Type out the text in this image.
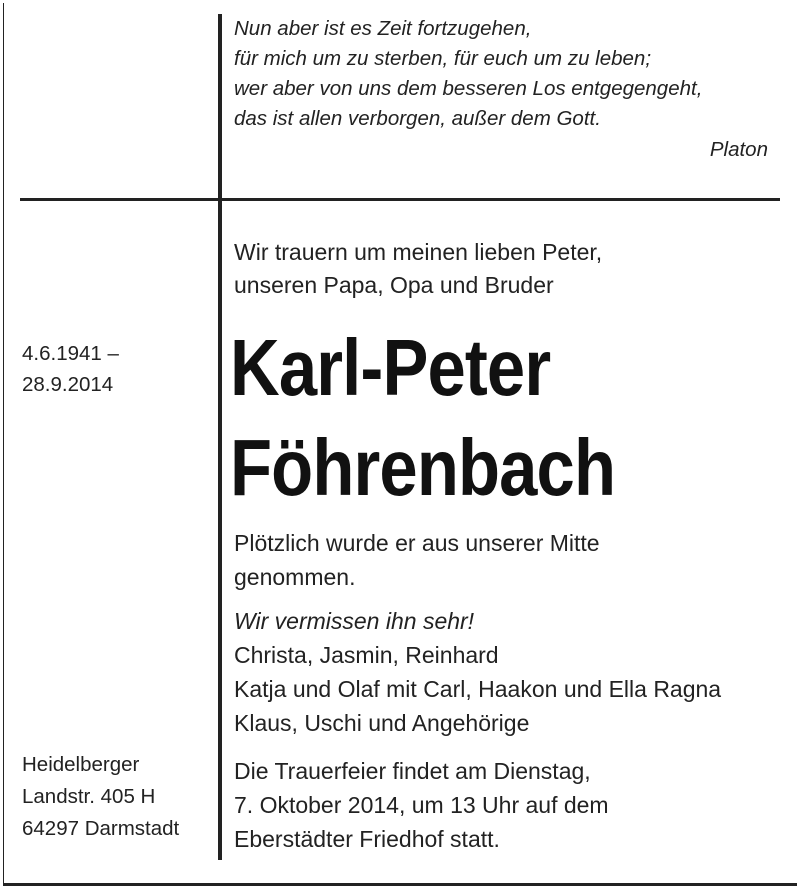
Nun aber ist es Zeit fortzugehen,
für mich um zu sterben, für euch um zu leben;
wer aber von uns dem besseren Los entgegengeht,
das ist allen verborgen, außer dem Gott.
Platon
Wir trauern um meinen lieben Peter,
unseren Papa, Opa und Bruder
4.6.1941 –
28.9.2014 Karl-Peter
Föhrenbach
Plötzlich wurde er aus unserer Mitte
genommen.
Wir vermissen ihn sehr!
Christa, Jasmin, Reinhard
Katja und Olaf mit Carl, Haakon und Ella Ragna
Klaus, Uschi und Angehörige
Heidelberger
Landstr. 405 H
64297 Darmstadt
Die Trauerfeier findet am Dienstag,
7. Oktober 2014, um 13 Uhr auf dem
Eberstädter Friedhof statt.
